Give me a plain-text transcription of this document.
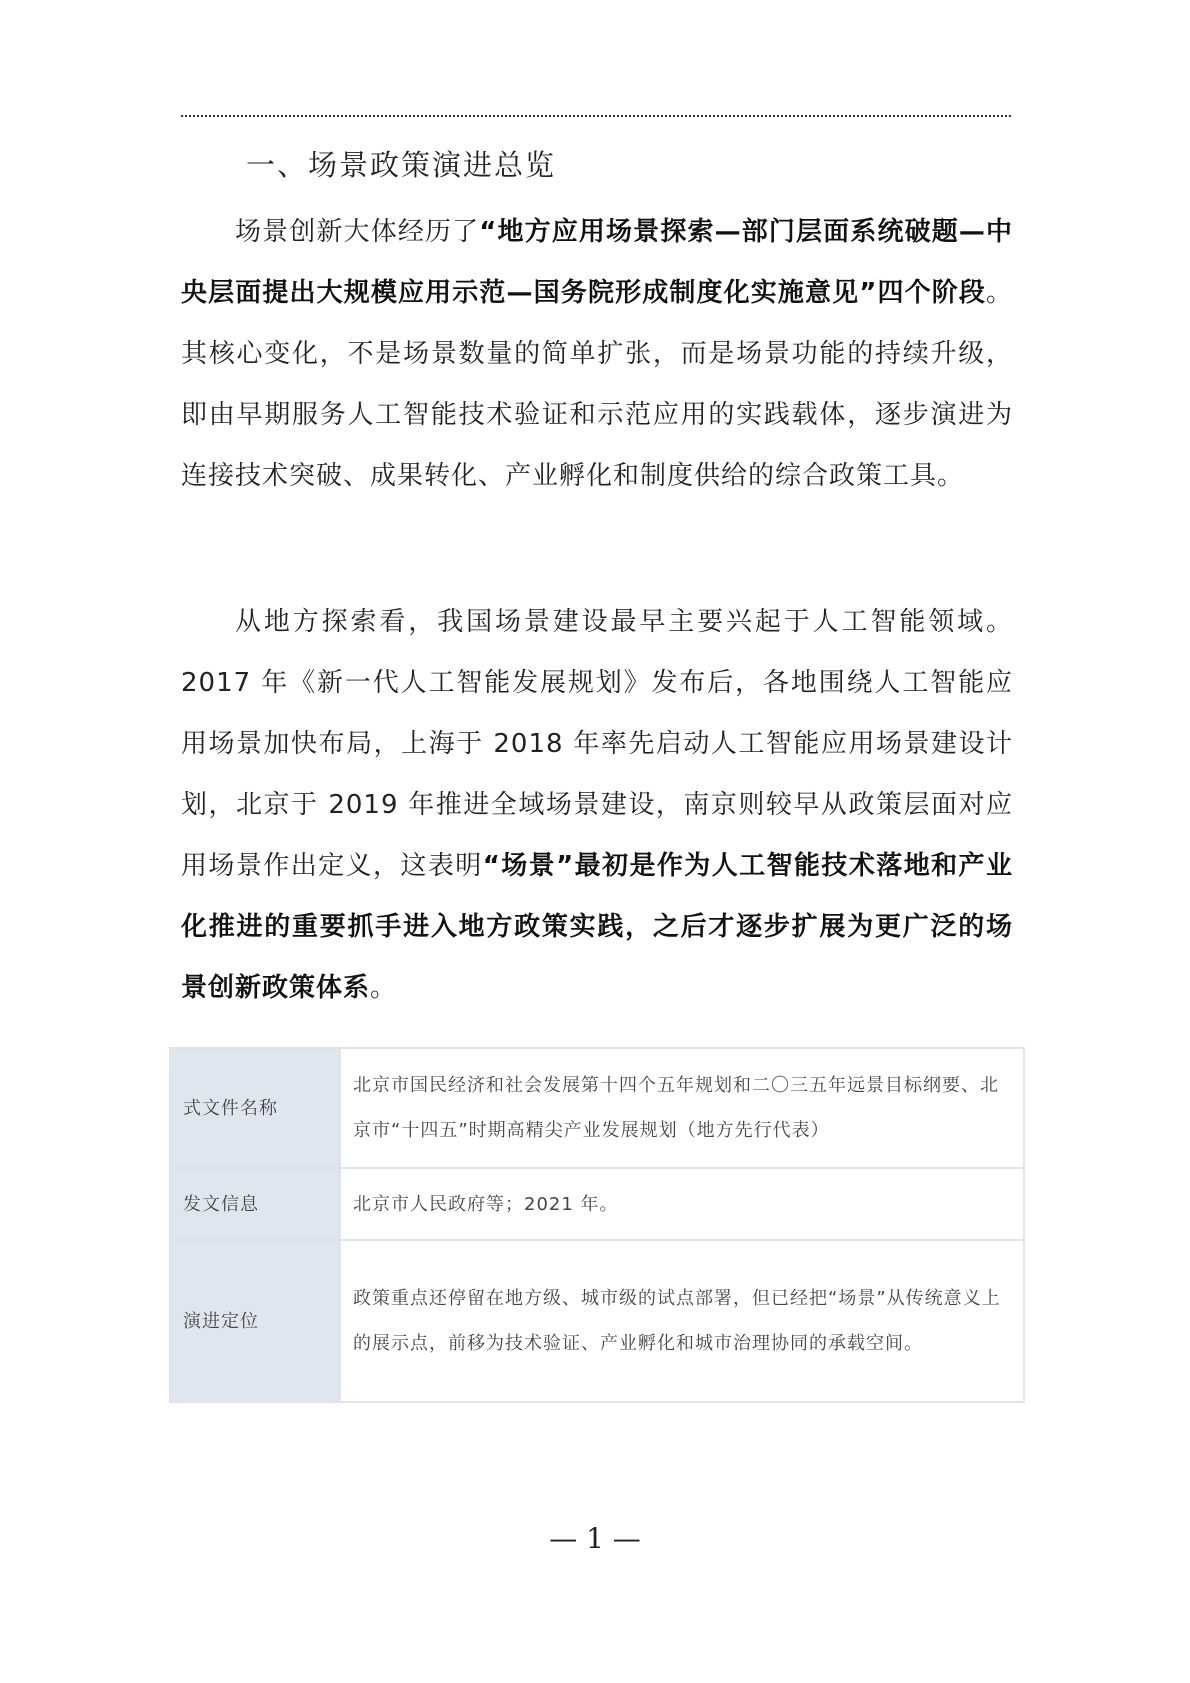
一、场景政策演进总览
场景创新大体经历了“地方应用场景探索—部门层面系统破题—中央层面提出大规模应用示范—国务院形成制度化实施意见”四个阶段。其核心变化，不是场景数量的简单扩张，而是场景功能的持续升级，即由早期服务人工智能技术验证和示范应用的实践载体，逐步演进为连接技术突破、成果转化、产业孵化和制度供给的综合政策工具。
从地方探索看，我国场景建设最早主要兴起于人工智能领域。2017 年《新一代人工智能发展规划》发布后，各地围绕人工智能应用场景加快布局，上海于 2018 年率先启动人工智能应用场景建设计划，北京于 2019 年推进全域场景建设，南京则较早从政策层面对应用场景作出定义，这表明“场景”最初是作为人工智能技术落地和产业化推进的重要抓手进入地方政策实践，之后才逐步扩展为更广泛的场景创新政策体系。
式文件名称	北京市国民经济和社会发展第十四个五年规划和二〇三五年远景目标纲要、北京市“十四五”时期高精尖产业发展规划（地方先行代表）
发文信息	北京市人民政府等；2021 年。
演进定位	政策重点还停留在地方级、城市级的试点部署，但已经把“场景”从传统意义上的展示点，前移为技术验证、产业孵化和城市治理协同的承载空间。
— 1 —
